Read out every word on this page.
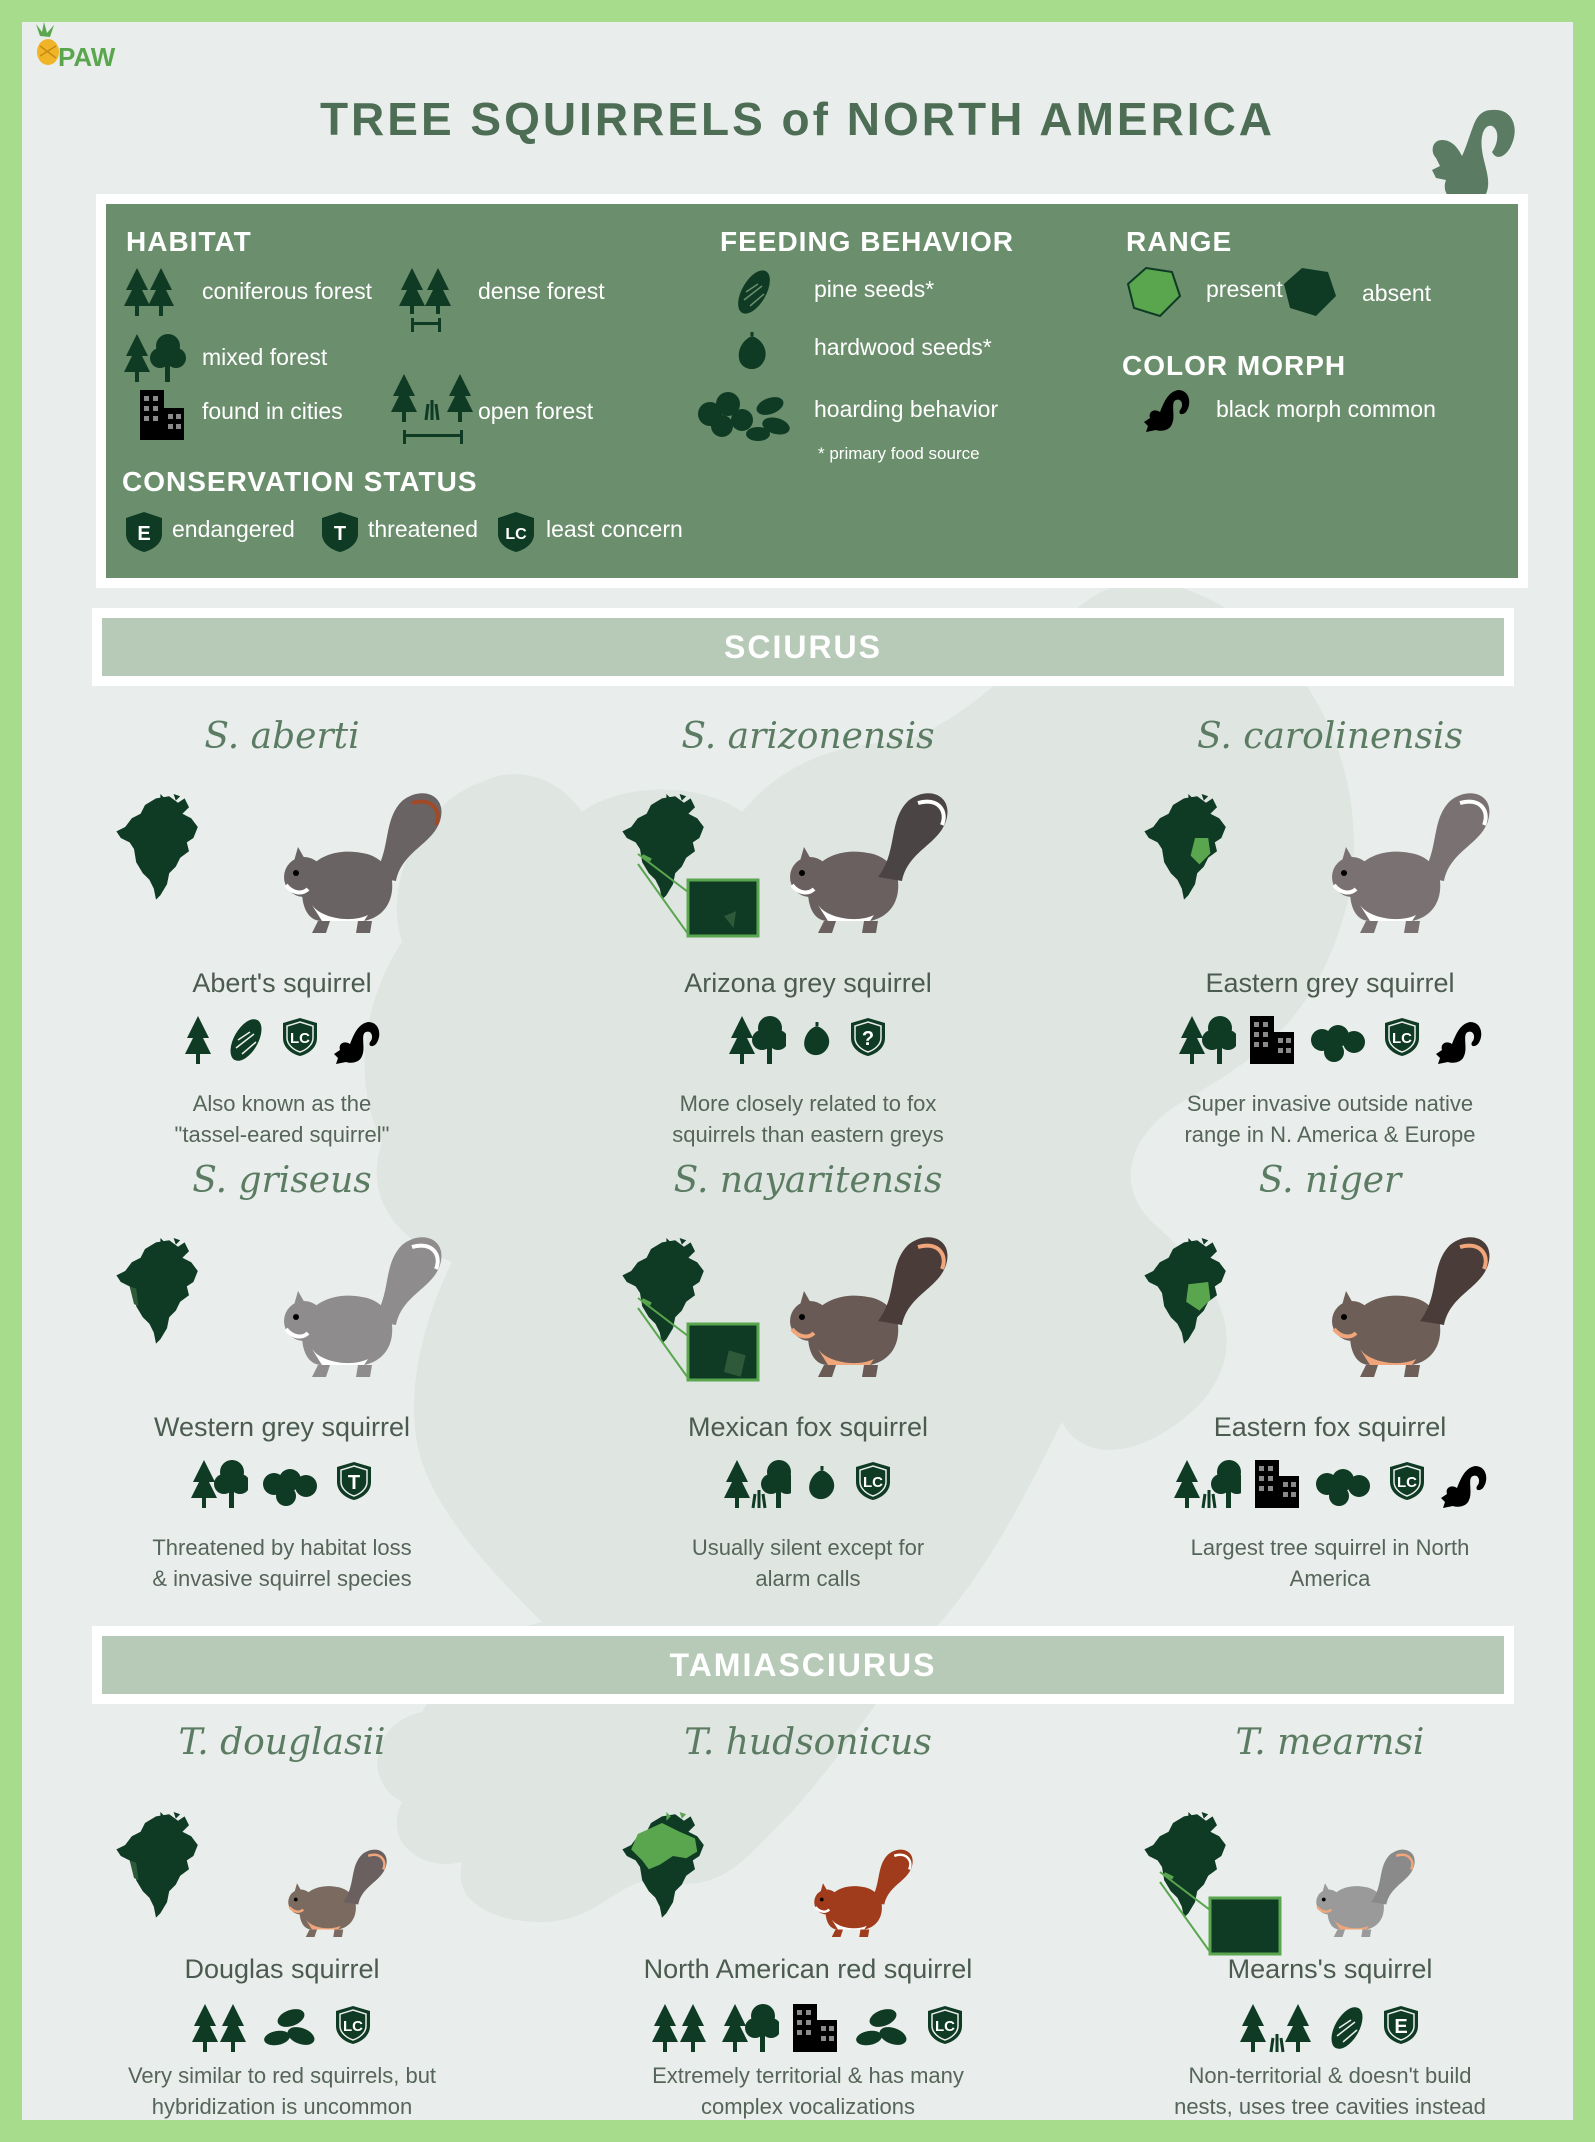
PAW
TREE SQUIRRELS of NORTH AMERICA
HABITAT
coniferous forest	dense forest
mixed forest
found in cities	open forest
CONSERVATION STATUS
E endangered T threatened LC least concern
FEEDING BEHAVIOR
pine seeds*
hardwood seeds*
hoarding behavior
* primary food source
RANGE
present	absent
COLOR MORPH
black morph common
SCIURUS
TAMIASCIURUS
S. aberti
Abert's squirrel
LC
Also known as the
"tassel-eared squirrel"
S. arizonensis
Arizona grey squirrel
?
More closely related to fox
squirrels than eastern greys
S. carolinensis
Eastern grey squirrel
LC
Super invasive outside native
range in N. America & Europe
S. griseus
Western grey squirrel
T
Threatened by habitat loss
& invasive squirrel species
S. nayaritensis
Mexican fox squirrel
LC
Usually silent except for
alarm calls
S. niger
Eastern fox squirrel
LC
Largest tree squirrel in North
America
T. douglasii
Douglas squirrel
LC
Very similar to red squirrels, but
hybridization is uncommon
T. hudsonicus
North American red squirrel
LC
Extremely territorial & has many
complex vocalizations
T. mearnsi
Mearns's squirrel
E
Non-territorial & doesn't build
nests, uses tree cavities instead
